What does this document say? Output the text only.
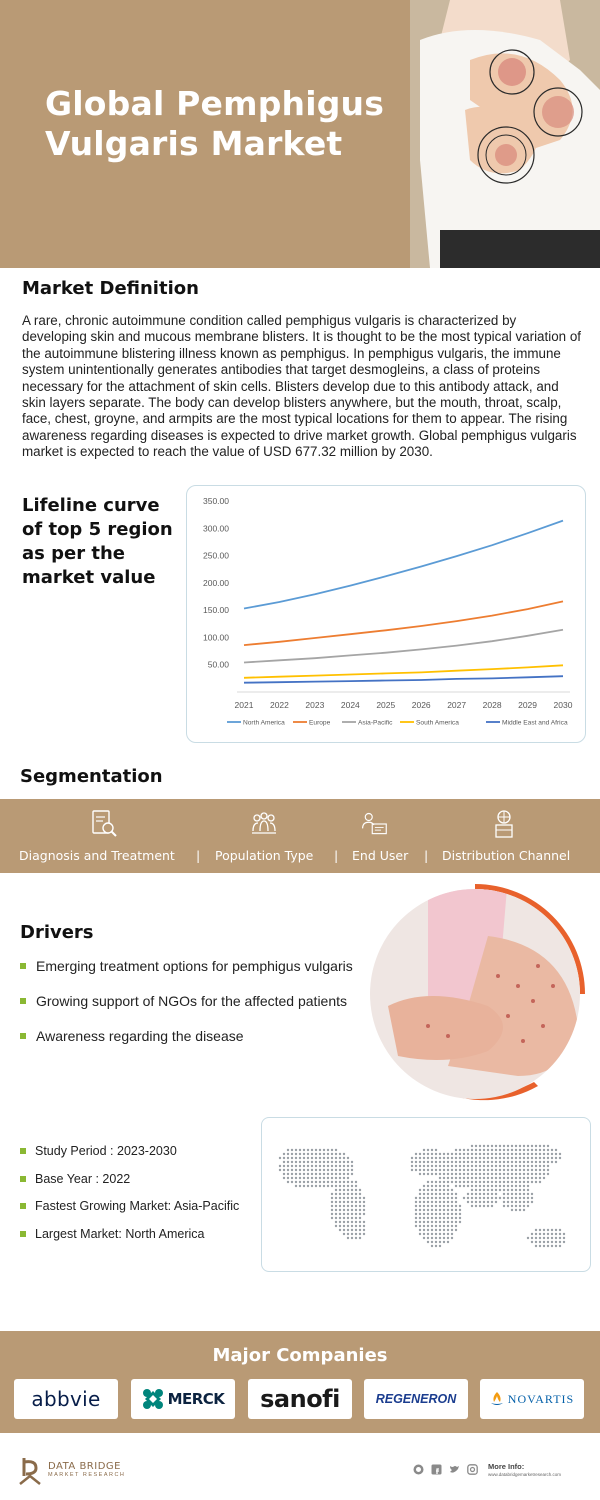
Global Pemphigus Vulgaris Market
Market Definition

A rare, chronic autoimmune condition called pemphigus vulgaris is characterized by developing skin and mucous membrane blisters. It is thought to be the most typical variation of the autoimmune blistering illness known as pemphigus. In pemphigus vulgaris, the immune system unintentionally generates antibodies that target desmogleins, a class of proteins necessary for the attachment of skin cells. Blisters develop due to this antibody attack, and skin layers separate. The body can develop blisters anywhere, but the mouth, throat, scalp, face, chest, groyne, and armpits are the most typical locations for them to appear. The rising awareness regarding diseases is expected to drive market growth. Global pemphigus vulgaris market is expected to reach the value of USD 677.32 million by 2030.

Lifeline curve of top 5 region as per the market value
50.00
100.00
150.00
200.00
250.00
300.00
350.00
2021 2022 2023 2024 2025 2026 2027 2028 2029 2030
North America	Europe	Asia-Pacific	South America	Middle East and Africa
Segmentation
Diagnosis and Treatment | Population Type | End User | Distribution Channel
Drivers
Emerging treatment options for pemphigus vulgaris
Growing support of NGOs for the affected patients
Awareness regarding the disease
Study Period : 2023-2030
Base Year : 2022
Fastest Growing Market: Asia-Pacific
Largest Market: North America
Major Companies
abbvie	MERCK sanofi	REGENERON	NOVARTIS
DATA BRIDGE
MARKET RESEARCH
More Info:
www.databridgemarketresearch.com
